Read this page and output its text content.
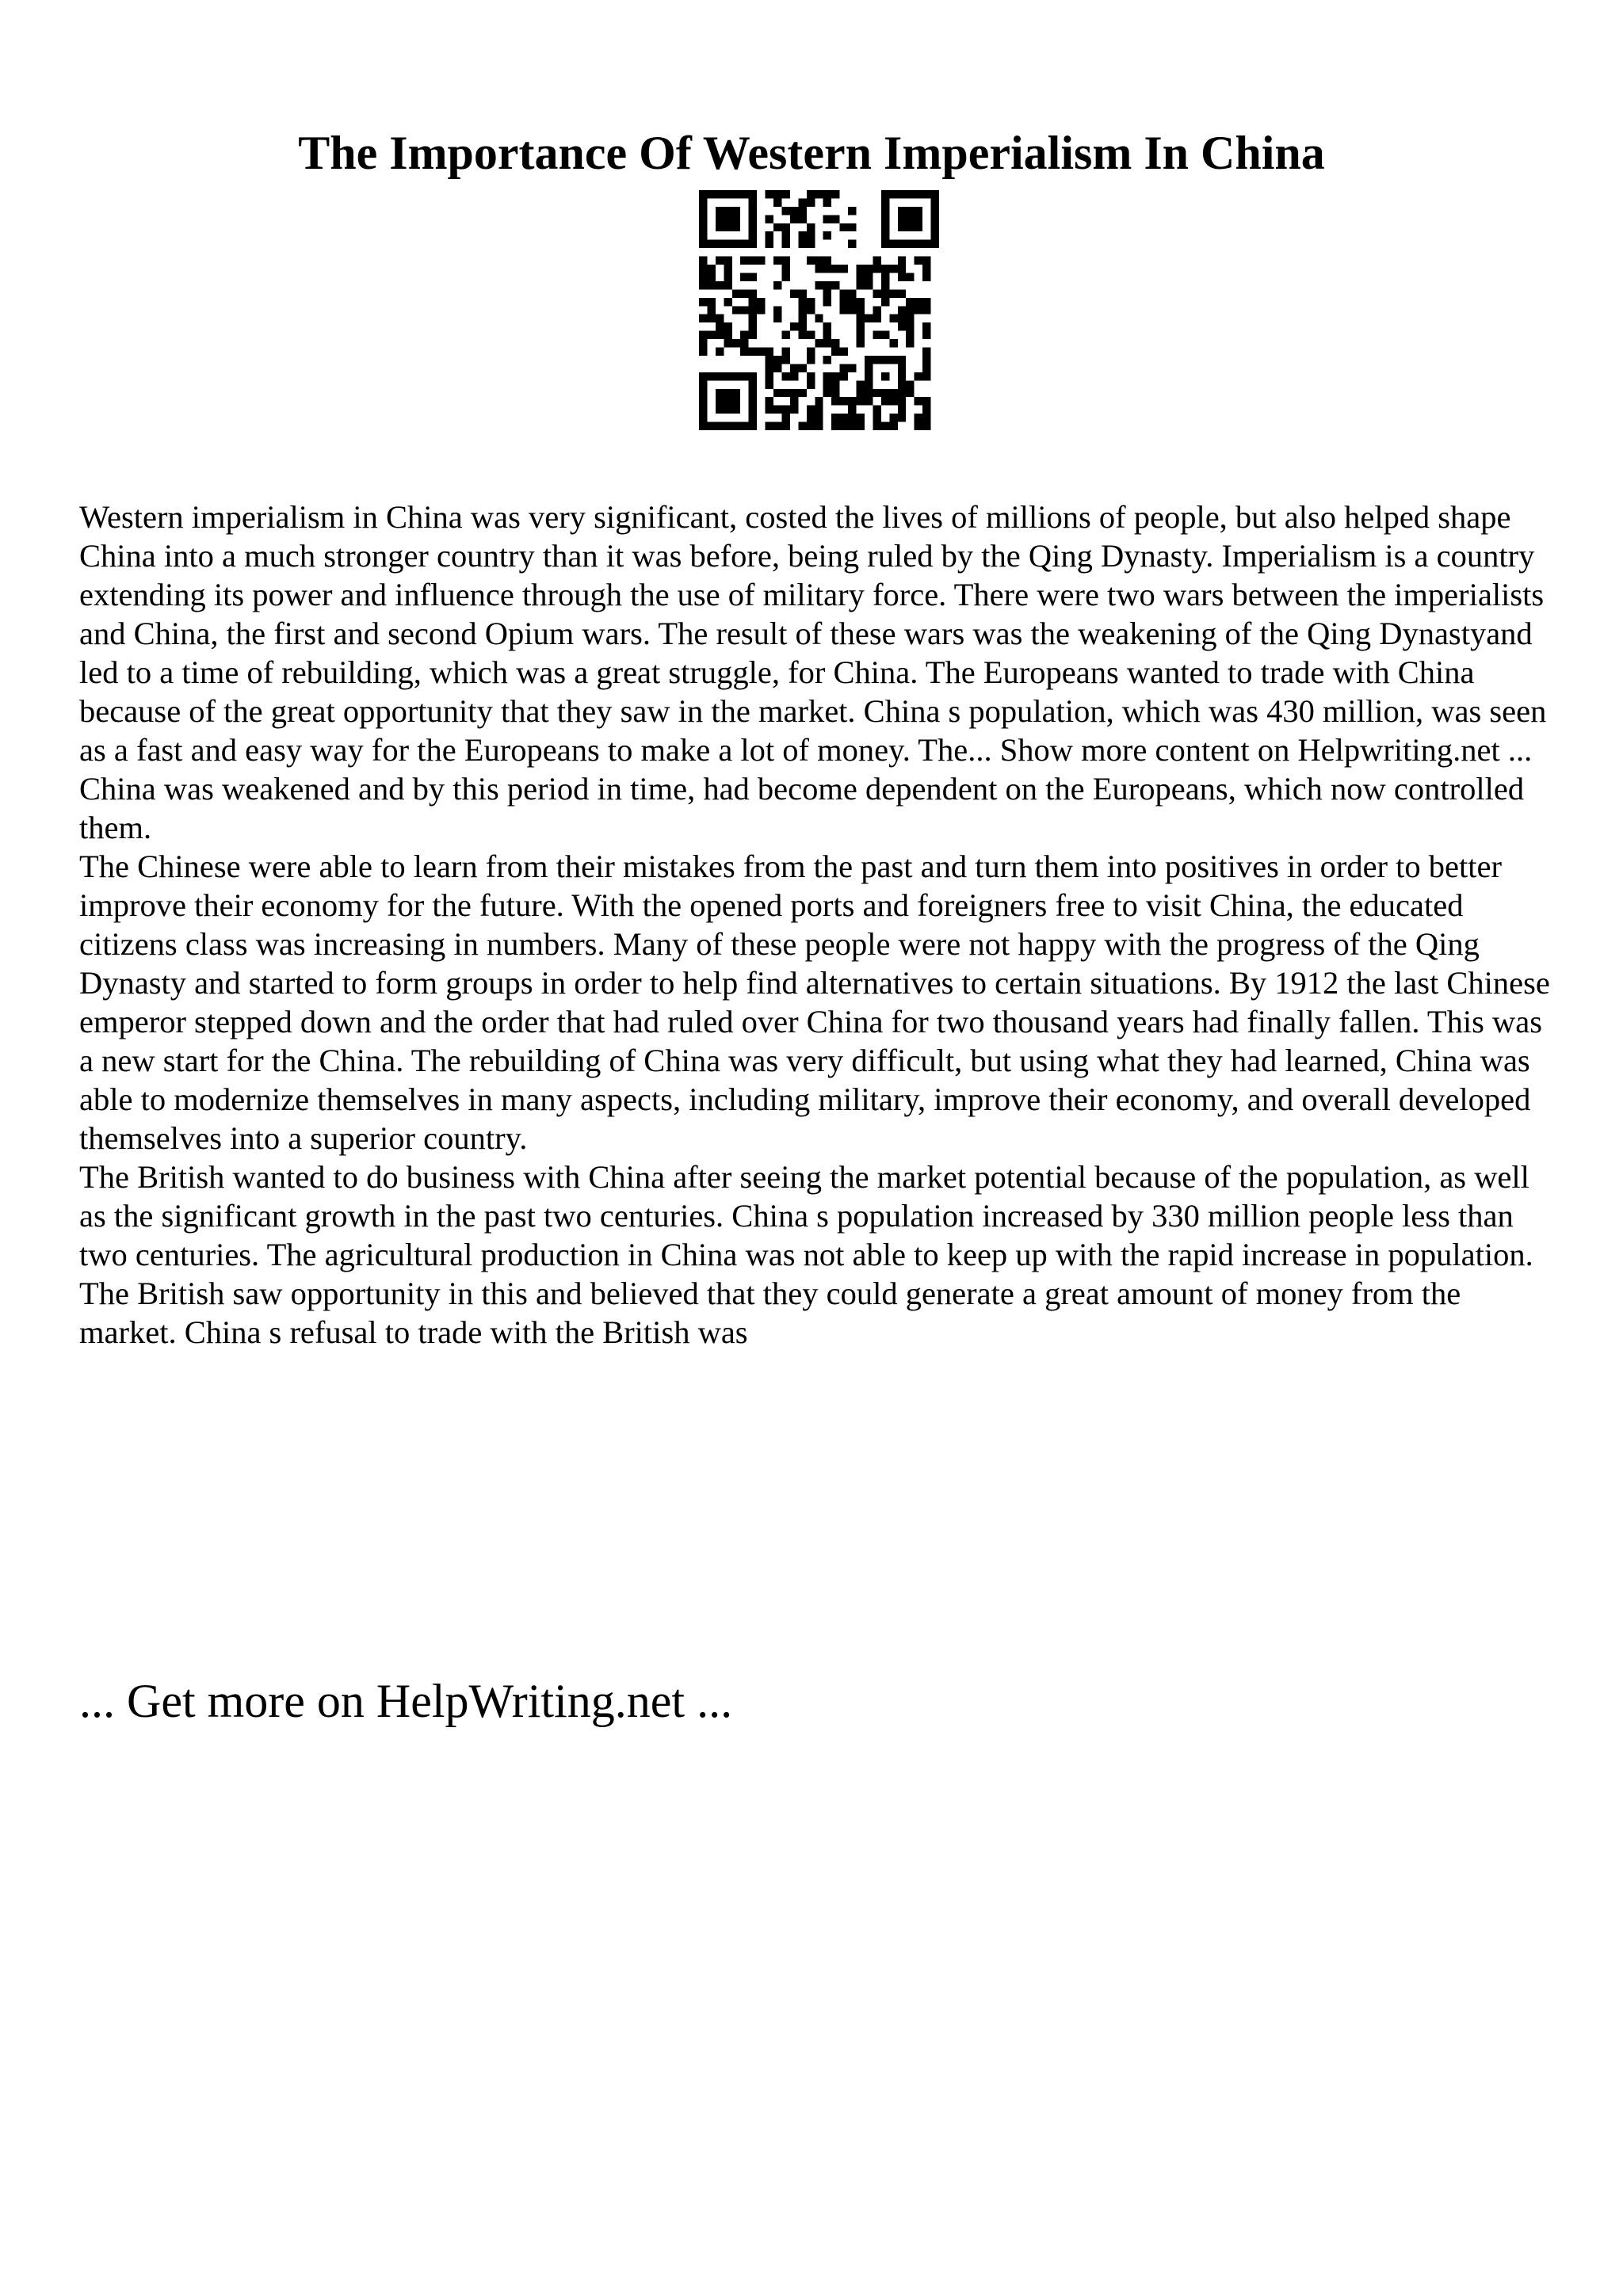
The Importance Of Western Imperialism In China

Western imperialism in China was very significant, costed the lives of millions of people, but also helped shape China into a much stronger country than it was before, being ruled by the Qing Dynasty. Imperialism is a country extending its power and influence through the use of military force. There were two wars between the imperialists and China, the first and second Opium wars. The result of these wars was the weakening of the Qing Dynastyand led to a time of rebuilding, which was a great struggle, for China. The Europeans wanted to trade with China because of the great opportunity that they saw in the market. China s population, which was 430 million, was seen as a fast and easy way for the Europeans to make a lot of money. The... Show more content on Helpwriting.net ...

China was weakened and by this period in time, had become dependent on the Europeans, which now controlled them.

The Chinese were able to learn from their mistakes from the past and turn them into positives in order to better improve their economy for the future. With the opened ports and foreigners free to visit China, the educated citizens class was increasing in numbers. Many of these people were not happy with the progress of the Qing Dynasty and started to form groups in order to help find alternatives to certain situations. By 1912 the last Chinese emperor stepped down and the order that had ruled over China for two thousand years had finally fallen. This was a new start for the China. The rebuilding of China was very difficult, but using what they had learned, China was able to modernize themselves in many aspects, including military, improve their economy, and overall developed themselves into a superior country.

The British wanted to do business with China after seeing the market potential because of the population, as well as the significant growth in the past two centuries. China s population increased by 330 million people less than two centuries. The agricultural production in China was not able to keep up with the rapid increase in population. The British saw opportunity in this and believed that they could generate a great amount of money from the market. China s refusal to trade with the British was

... Get more on HelpWriting.net ...
